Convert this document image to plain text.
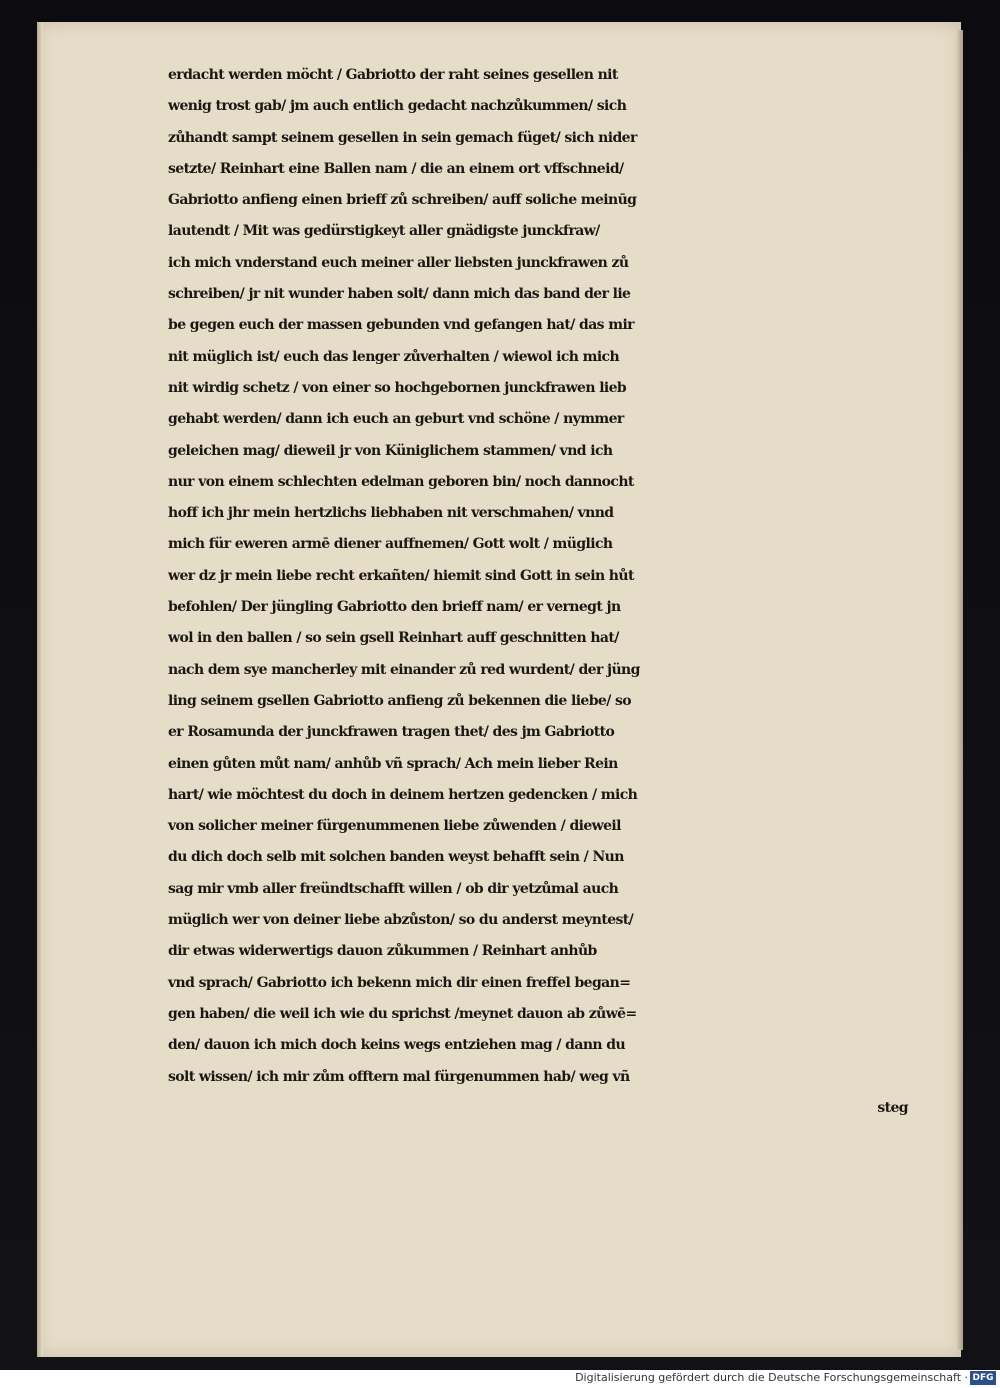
erdacht werden möcht / Gabriotto der raht seines gesellen nit
wenig trost gab/ jm auch entlich gedacht nachzůkummen/ sich
zůhandt sampt seinem gesellen in sein gemach füget/ sich nider
setzte/ Reinhart eine Ballen nam / die an einem ort vffschneid/
Gabriotto anfieng einen brieff zů schreiben/ auff soliche meinūg
lautendt / Mit was gedürstigkeyt aller gnädigste junckfraw/
ich mich vnderstand euch meiner aller liebsten junckfrawen zů
schreiben/ jr nit wunder haben solt/ dann mich das band der lie
be gegen euch der massen gebunden vnd gefangen hat/ das mir
nit müglich ist/ euch das lenger zůverhalten / wiewol ich mich
nit wirdig schetz / von einer so hochgebornen junckfrawen lieb
gehabt werden/ dann ich euch an geburt vnd schöne / nymmer
geleichen mag/ dieweil jr von Küniglichem stammen/ vnd ich
nur von einem schlechten edelman geboren bin/ noch dannocht
hoff ich jhr mein hertzlichs liebhaben nit verschmahen/ vnnd
mich für eweren armē diener auffnemen/ Gott wolt / müglich
wer dz jr mein liebe recht erkañten/ hiemit sind Gott in sein hůt
befohlen/ Der jüngling Gabriotto den brieff nam/ er vernegt jn
wol in den ballen / so sein gsell Reinhart auff geschnitten hat/
nach dem sye mancherley mit einander zů red wurdent/ der jüng
ling seinem gsellen Gabriotto anfieng zů bekennen die liebe/ so
er Rosamunda der junckfrawen tragen thet/ des jm Gabriotto
einen gůten můt nam/ anhůb vñ sprach/ Ach mein lieber Rein
hart/ wie möchtest du doch in deinem hertzen gedencken / mich
von solicher meiner fürgenummenen liebe zůwenden / dieweil
du dich doch selb mit solchen banden weyst behafft sein / Nun
sag mir vmb aller freündtschafft willen / ob dir yetzůmal auch
müglich wer von deiner liebe abzůston/ so du anderst meyntest/
dir etwas widerwertigs dauon zůkummen / Reinhart anhůb
vnd sprach/ Gabriotto ich bekenn mich dir einen freffel began=
gen haben/ die weil ich wie du sprichst /meynet dauon ab zůwē=
den/ dauon ich mich doch keins wegs entziehen mag / dann du
solt wissen/ ich mir zům offtern mal fürgenummen hab/ weg vñ
steg
Digitalisierung gefördert durch die Deutsche Forschungsgemeinschaft · DFG
